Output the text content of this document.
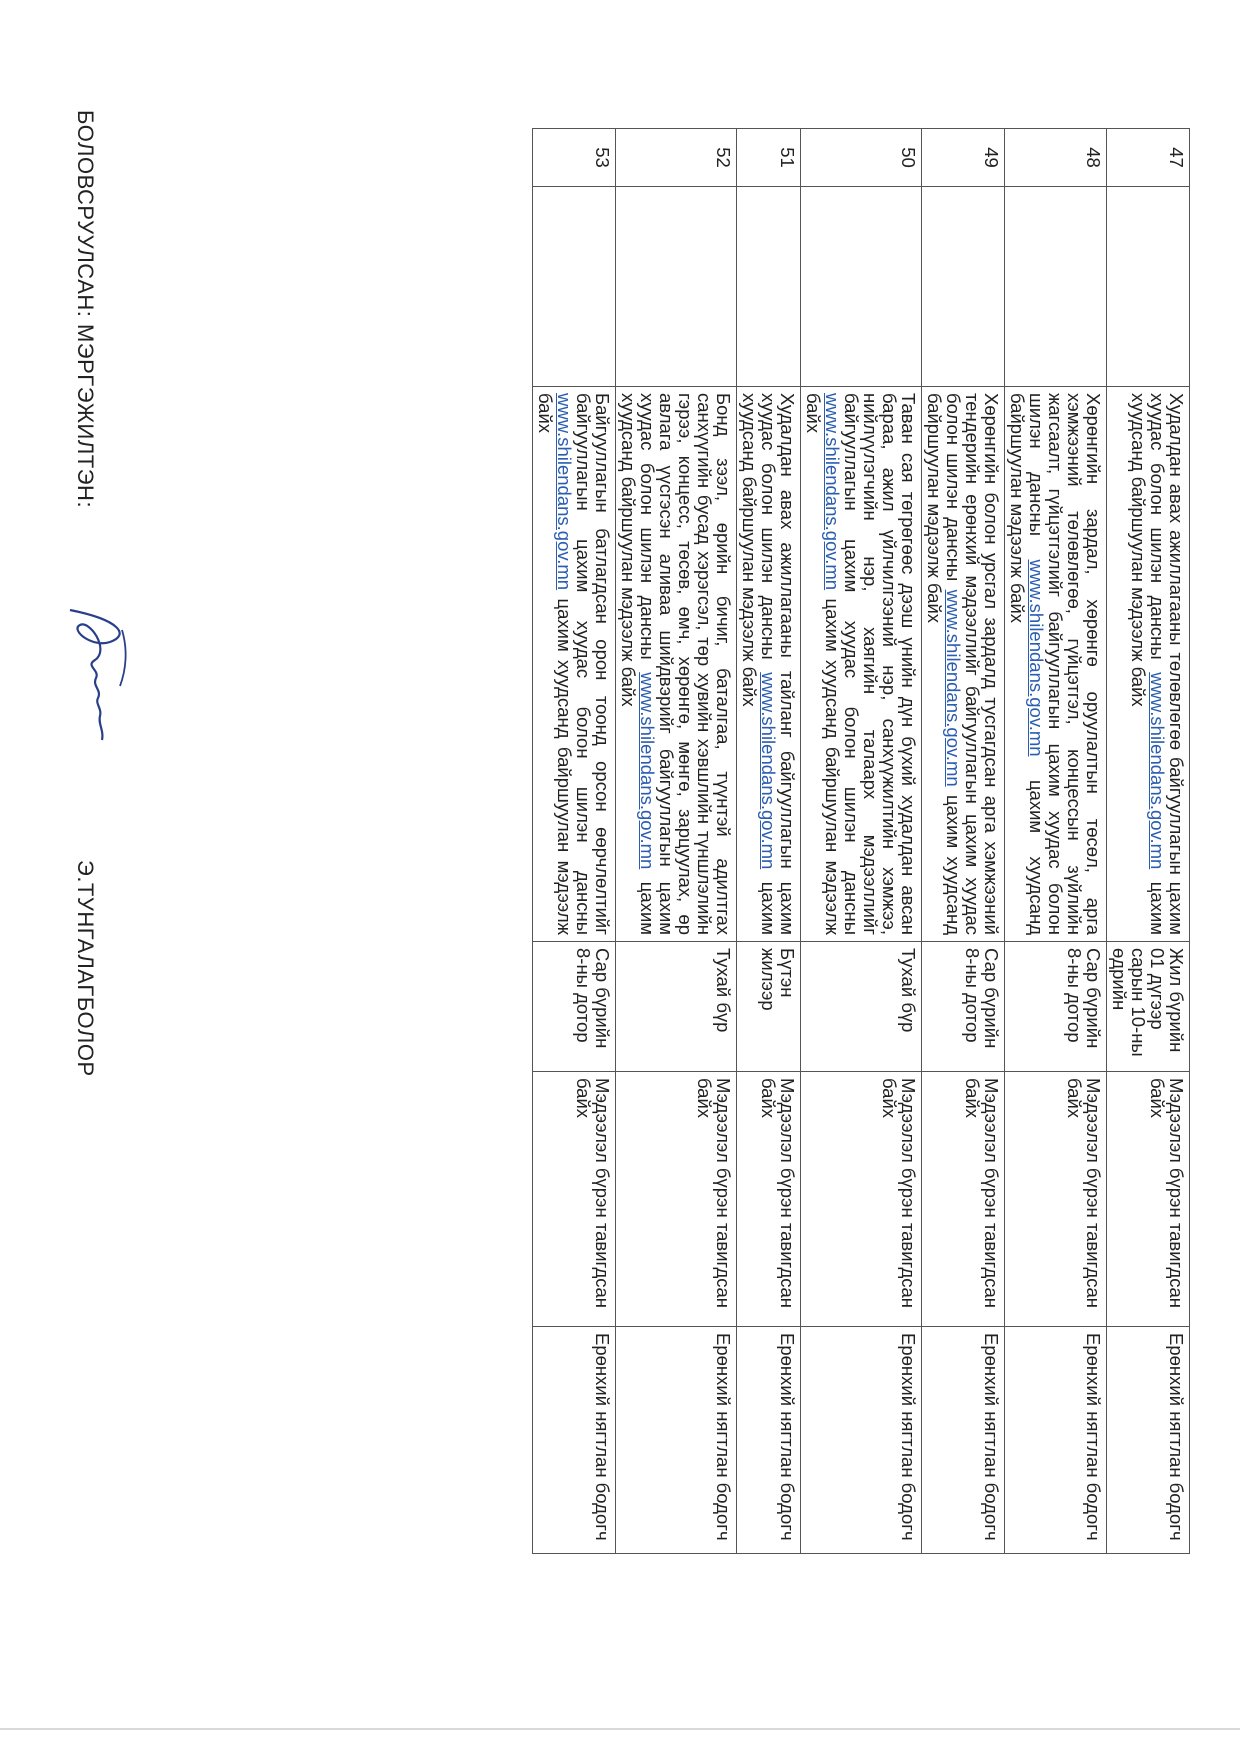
47		Худалдан авах ажиллагааны төлөвлөгөө байгууллагын цахим хуудас болон шилэн дансны www.shilendans.gov.mn цахим хуудсанд байршуулан мэдээлж байх	Жил бүрийн 01 дүгээр сарын 10-ны өдрийн	Мэдээлэл бүрэн тавигдсан байх	Ерөнхий нягтлан бодогч
48		Хөрөнгийн зардал, хөрөнгө оруулалтын төсөл, арга хэмжээний төлөвлөгөө, гүйцэтгэл, концессын зүйлийн жагсаалт, гүйцэтгэлийг байгууллагын цахим хуудас болон шилэн дансны www.shilendans.gov.mn цахим хуудсанд байршуулан мэдээлж байх	Сар бүрийн 8-ны дотор	Мэдээлэл бүрэн тавигдсан байх	Ерөнхий нягтлан бодогч
49		Хөрөнгийн болон урсгал зардалд тусгагдсан арга хэмжээний тендерийн ерөнхий мэдээллийг байгууллагын цахим хуудас болон шилэн дансны www.shilendans.gov.mn цахим хуудсанд байршуулан мэдээлж байх	Сар бүрийн 8-ны дотор	Мэдээлэл бүрэн тавигдсан байх	Ерөнхий нягтлан бодогч
50		Таван сая төгрөгөөс дээш үнийн дүн бүхий худалдан авсан бараа, ажил үйлчилгээний нэр, санхүүжилтийн хэмжээ, нийлүүлэгчийн нэр, хаягийн талаарх мэдээллийг байгууллагын цахим хуудас болон шилэн дансны www.shilendans.gov.mn цахим хуудсанд байршуулан мэдээлж байх	Тухай бүр	Мэдээлэл бүрэн тавигдсан байх	Ерөнхий нягтлан бодогч
51		Худалдан авах ажиллагааны тайланг байгууллагын цахим хуудас болон шилэн дансны www.shilendans.gov.mn цахим хуудсанд байршуулан мэдээлж байх	Бүтэн жилээр	Мэдээлэл бүрэн тавигдсан байх	Ерөнхий нягтлан бодогч
52		Бонд зээл, өрийн бичиг, баталгаа, түүнтэй адилтгах санхүүгийн бусад хэрэгсэл, төр хувийн хэвшлийн түншлэлийн гэрээ, концесс, төсөв, өмч, хөрөнгө, мөнгө, зарцуулах, өр авлага үүсгэсэн аливаа шийдвэрийг байгууллагын цахим хуудас болон шилэн дансны www.shilendans.gov.mn цахим хуудсанд байршуулан мэдээлж байх	Тухай бүр	Мэдээлэл бүрэн тавигдсан байх	Ерөнхий нягтлан бодогч
53		Байгууллагын батлагдсан орон тоонд орсон өөрчлөлтийг байгууллагын цахим хуудас болон шилэн дансны www.shilendans.gov.mn цахим хуудсанд байршуулан мэдээлж байх	Сар бүрийн 8-ны дотор	Мэдээлэл бүрэн тавигдсан байх	Ерөнхий нягтлан бодогч
БОЛОВСРУУЛСАН: МЭРГЭЖИЛТЭН:
Э.ТУНГАЛАГБОЛОР
